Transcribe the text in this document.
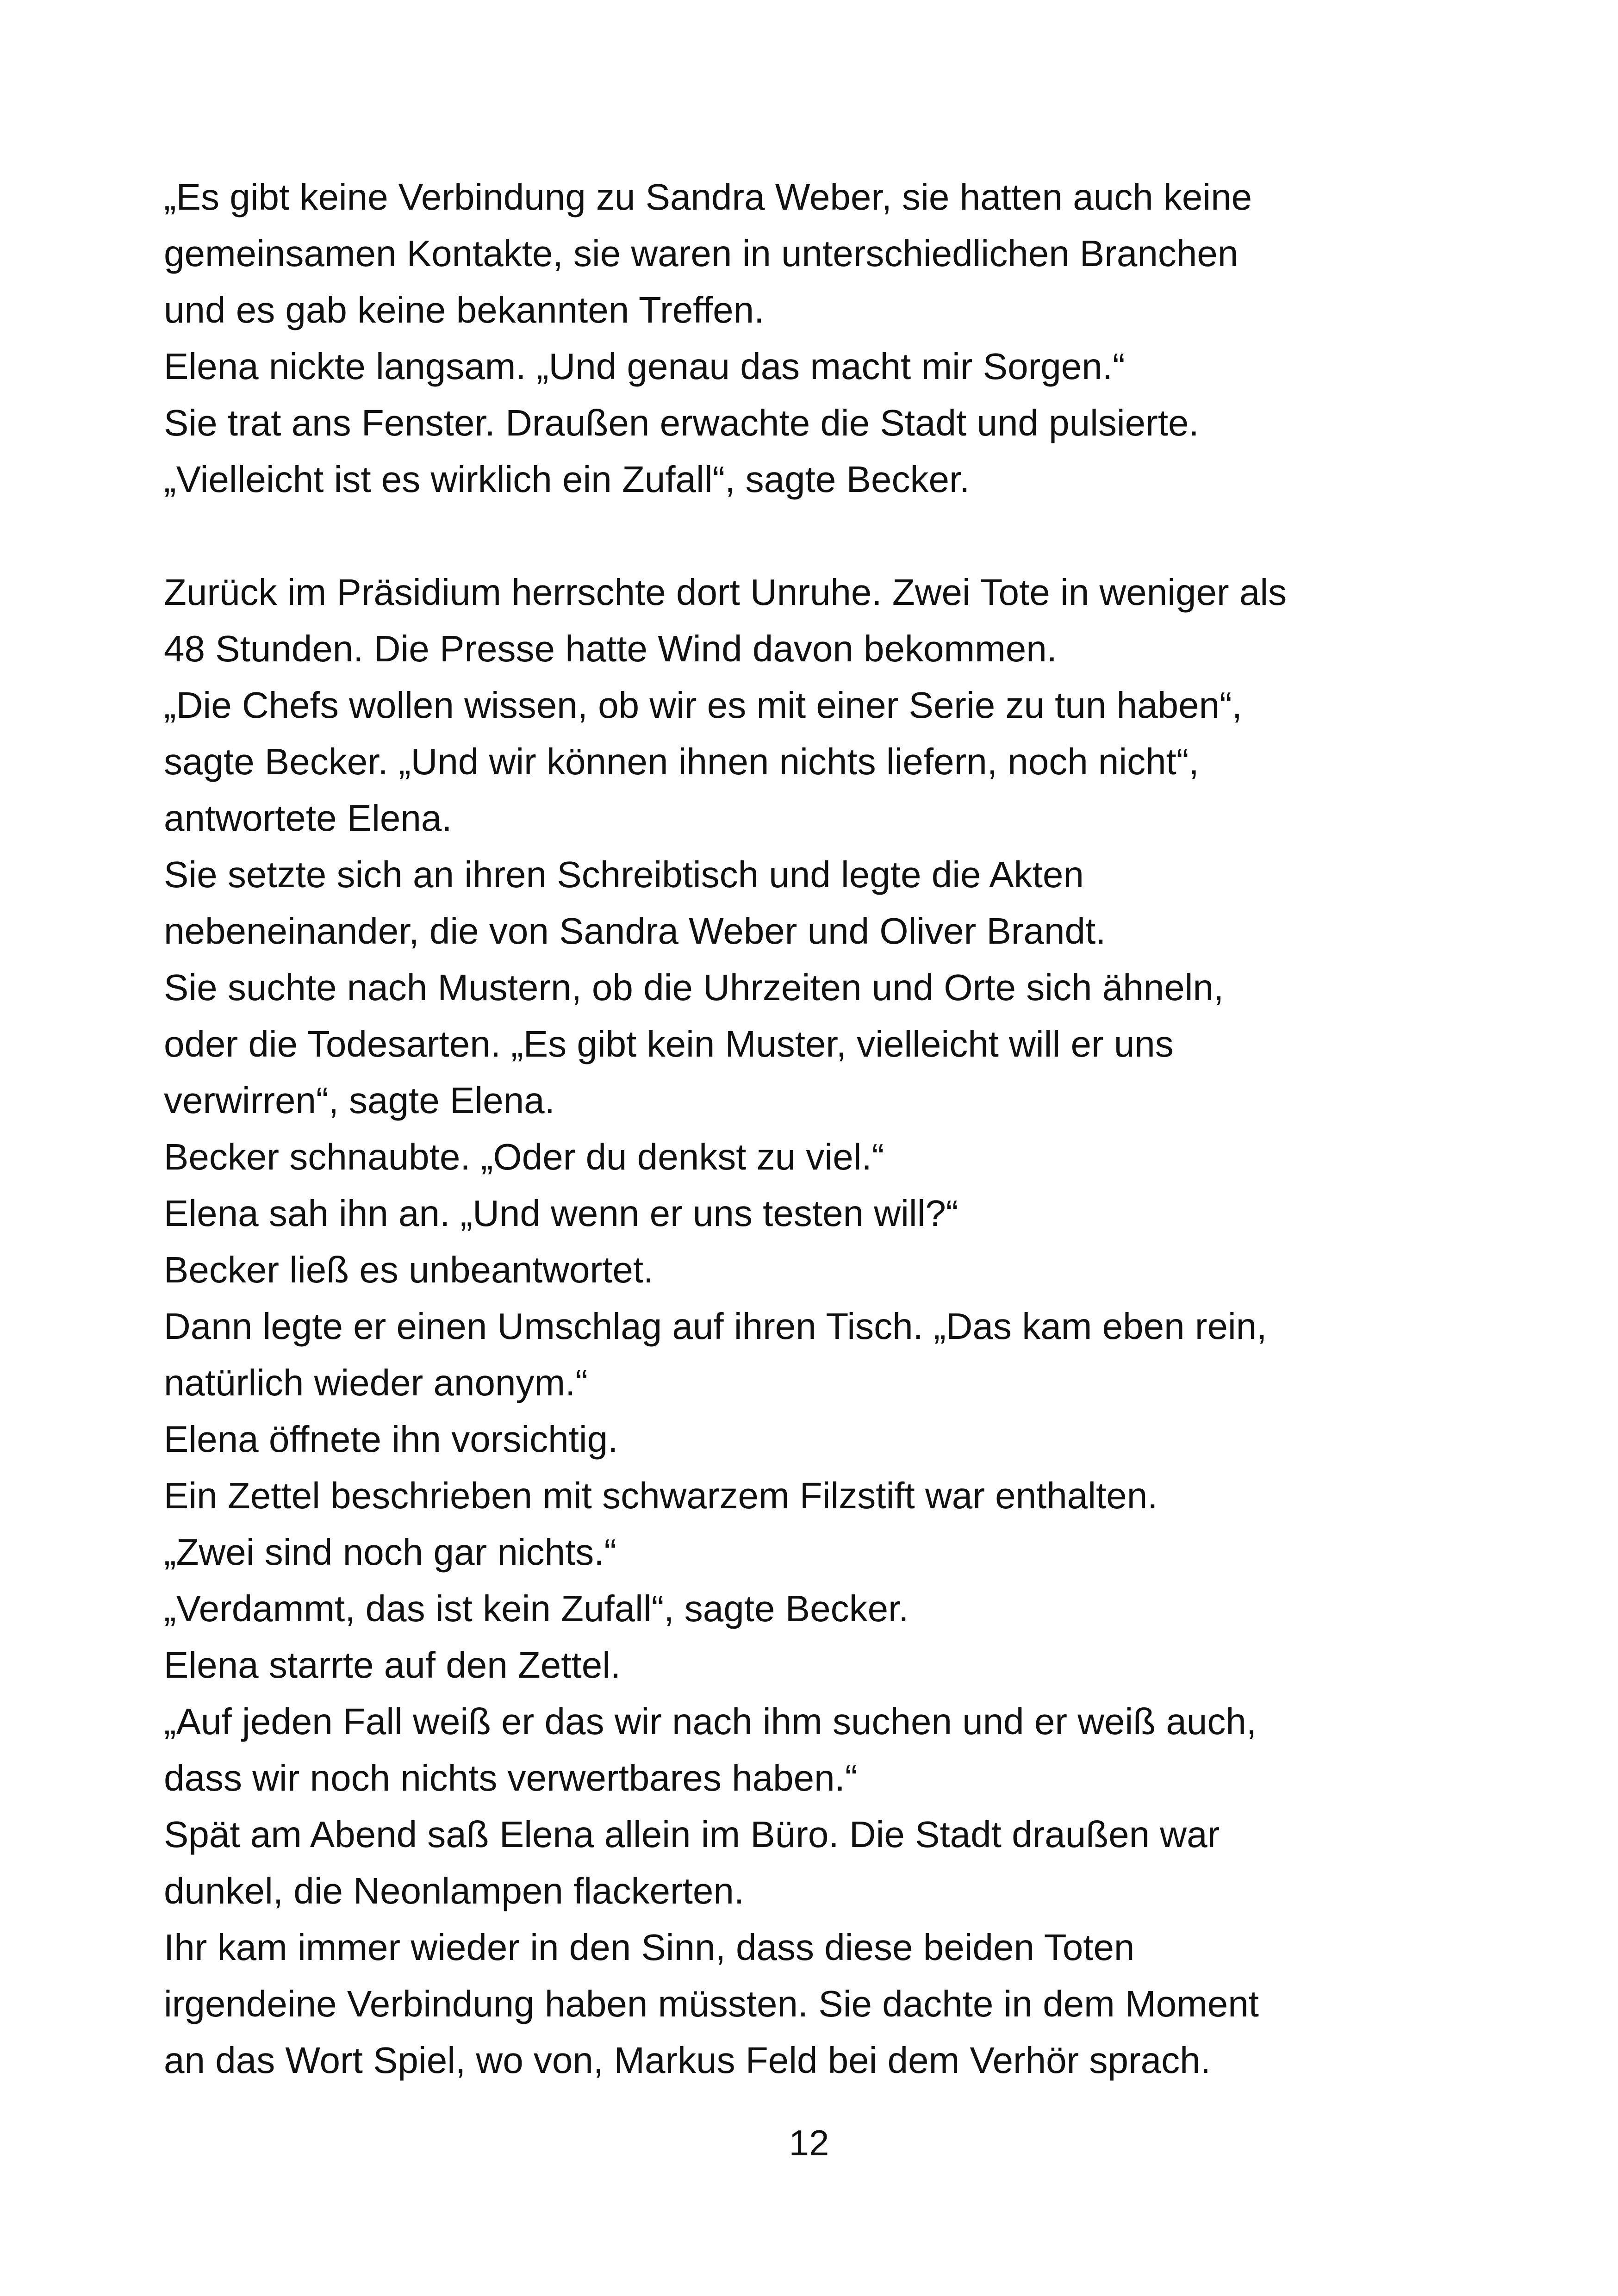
„Es gibt keine Verbindung zu Sandra Weber, sie hatten auch keine
gemeinsamen Kontakte, sie waren in unterschiedlichen Branchen
und es gab keine bekannten Treffen.
Elena nickte langsam. „Und genau das macht mir Sorgen.“
Sie trat ans Fenster. Draußen erwachte die Stadt und pulsierte.
„Vielleicht ist es wirklich ein Zufall“, sagte Becker.
Zurück im Präsidium herrschte dort Unruhe. Zwei Tote in weniger als
48 Stunden. Die Presse hatte Wind davon bekommen.
„Die Chefs wollen wissen, ob wir es mit einer Serie zu tun haben“,
sagte Becker. „Und wir können ihnen nichts liefern, noch nicht“,
antwortete Elena.
Sie setzte sich an ihren Schreibtisch und legte die Akten
nebeneinander, die von Sandra Weber und Oliver Brandt.
Sie suchte nach Mustern, ob die Uhrzeiten und Orte sich ähneln,
oder die Todesarten. „Es gibt kein Muster, vielleicht will er uns
verwirren“, sagte Elena.
Becker schnaubte. „Oder du denkst zu viel.“
Elena sah ihn an. „Und wenn er uns testen will?“
Becker ließ es unbeantwortet.
Dann legte er einen Umschlag auf ihren Tisch. „Das kam eben rein,
natürlich wieder anonym.“
Elena öffnete ihn vorsichtig.
Ein Zettel beschrieben mit schwarzem Filzstift war enthalten.
„Zwei sind noch gar nichts.“
„Verdammt, das ist kein Zufall“, sagte Becker.
Elena starrte auf den Zettel.
„Auf jeden Fall weiß er das wir nach ihm suchen und er weiß auch,
dass wir noch nichts verwertbares haben.“
Spät am Abend saß Elena allein im Büro. Die Stadt draußen war
dunkel, die Neonlampen flackerten.
Ihr kam immer wieder in den Sinn, dass diese beiden Toten
irgendeine Verbindung haben müssten. Sie dachte in dem Moment
an das Wort Spiel, wo von, Markus Feld bei dem Verhör sprach.
12
